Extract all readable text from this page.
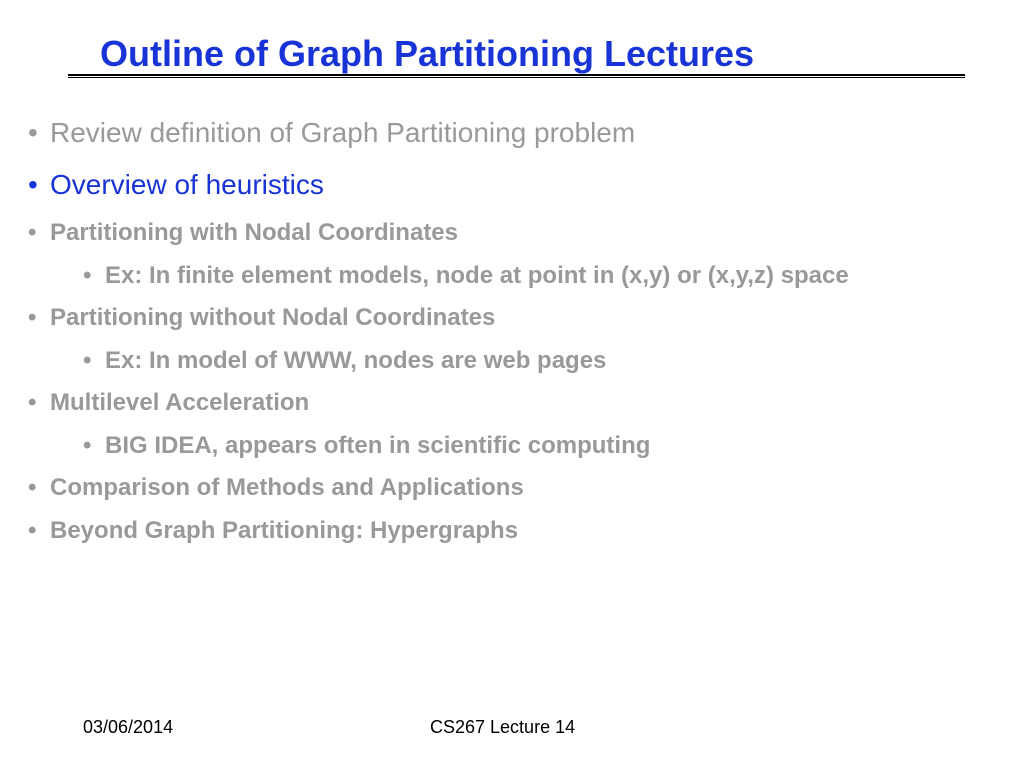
Outline of Graph Partitioning Lectures
• Review definition of Graph Partitioning problem
• Overview of heuristics
• Partitioning with Nodal Coordinates
• Ex: In finite element models, node at point in (x,y) or (x,y,z) space
• Partitioning without Nodal Coordinates
• Ex: In model of WWW, nodes are web pages
• Multilevel Acceleration
• BIG IDEA, appears often in scientific computing
• Comparison of Methods and Applications
• Beyond Graph Partitioning: Hypergraphs
03/06/2014	CS267 Lecture 14
